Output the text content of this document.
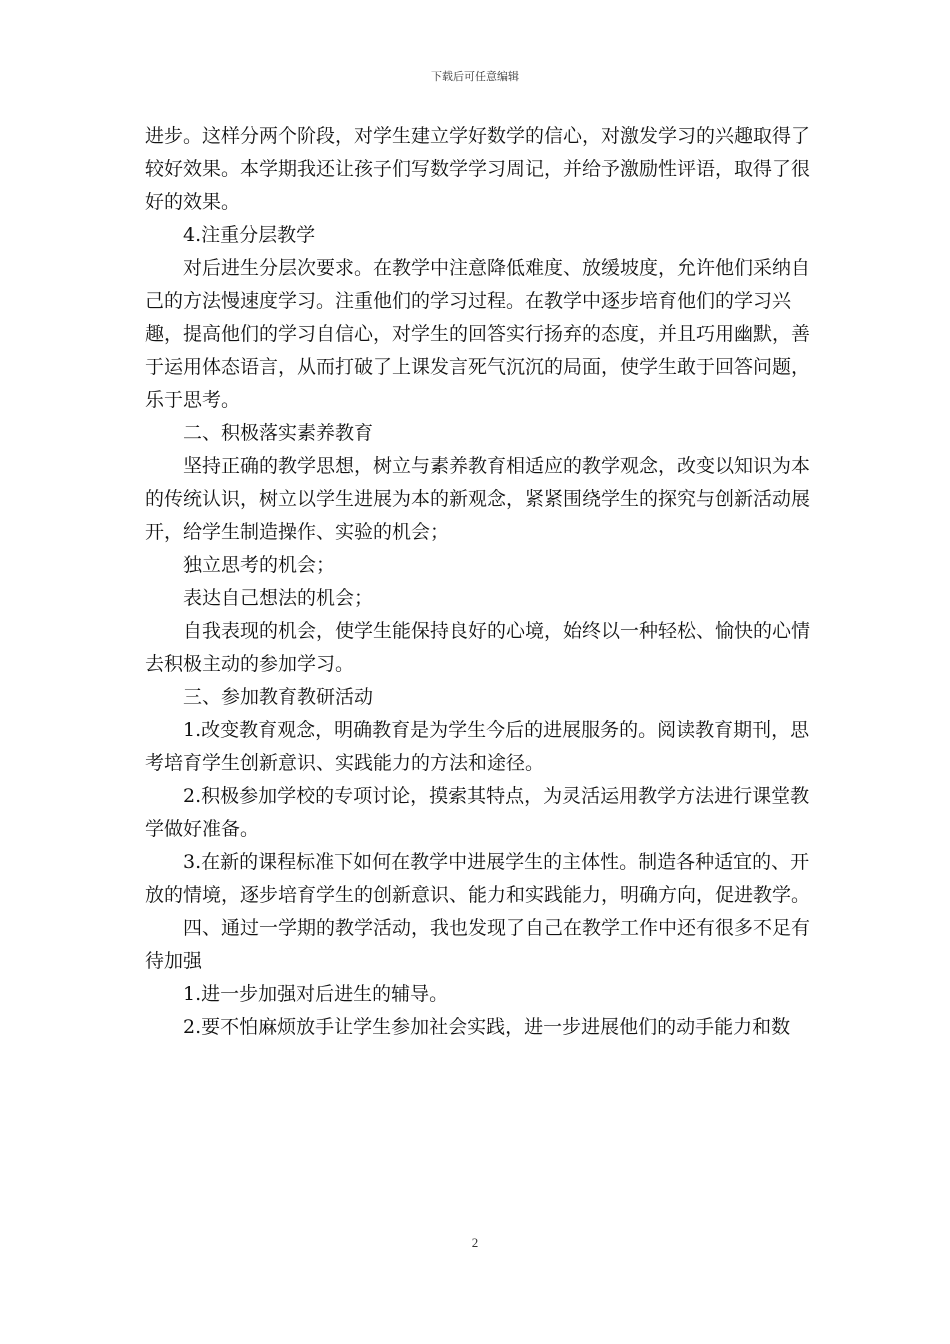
下载后可任意编辑

进步。这样分两个阶段，对学生建立学好数学的信心，对激发学习的兴趣取得了较好效果。本学期我还让孩子们写数学学习周记，并给予激励性评语，取得了很好的效果。

4.注重分层教学

对后进生分层次要求。在教学中注意降低难度、放缓坡度，允许他们采纳自己的方法慢速度学习。注重他们的学习过程。在教学中逐步培育他们的学习兴趣，提高他们的学习自信心，对学生的回答实行扬弃的态度，并且巧用幽默，善于运用体态语言，从而打破了上课发言死气沉沉的局面，使学生敢于回答问题，乐于思考。

二、积极落实素养教育

坚持正确的教学思想，树立与素养教育相适应的教学观念，改变以知识为本的传统认识，树立以学生进展为本的新观念，紧紧围绕学生的探究与创新活动展开，给学生制造操作、实验的机会；

独立思考的机会；

表达自己想法的机会；

自我表现的机会，使学生能保持良好的心境，始终以一种轻松、愉快的心情去积极主动的参加学习。

三、参加教育教研活动

1.改变教育观念，明确教育是为学生今后的进展服务的。阅读教育期刊，思考培育学生创新意识、实践能力的方法和途径。

2.积极参加学校的专项讨论，摸索其特点，为灵活运用教学方法进行课堂教学做好准备。

3.在新的课程标准下如何在教学中进展学生的主体性。制造各种适宜的、开放的情境，逐步培育学生的创新意识、能力和实践能力，明确方向，促进教学。

四、通过一学期的教学活动，我也发现了自己在教学工作中还有很多不足有待加强

1.进一步加强对后进生的辅导。

2.要不怕麻烦放手让学生参加社会实践，进一步进展他们的动手能力和数

2
